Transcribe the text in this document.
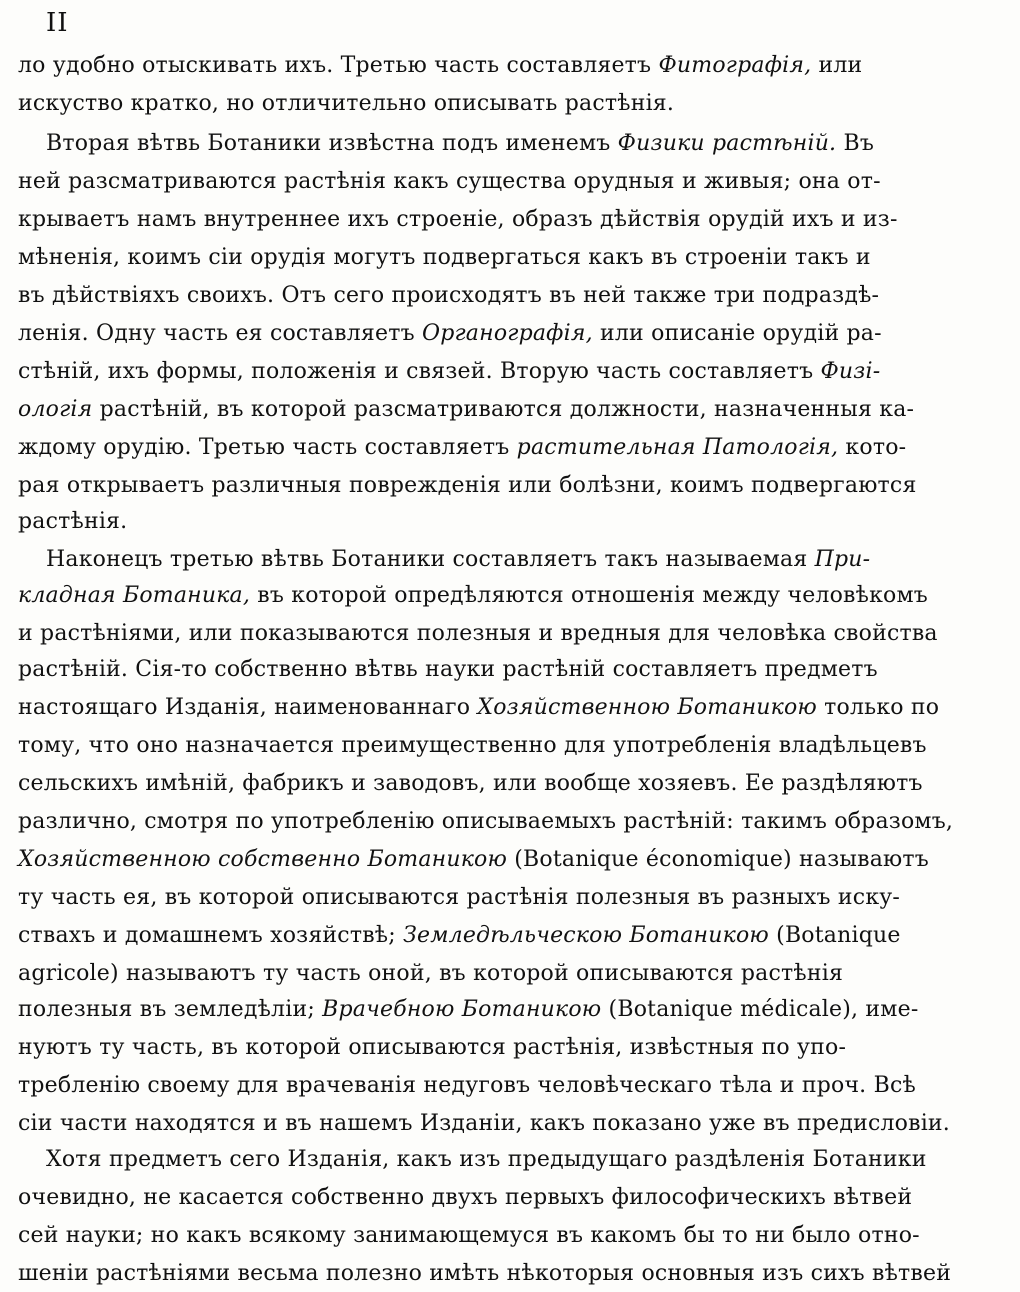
II
ло удобно отыскивать ихъ. Третью часть составляетъ Фитографія, или
искуство кратко, но отличительно описывать растѣнія.
Вторая вѣтвь Ботаники извѣстна подъ именемъ Физики растѣній. Въ
ней разсматриваются растѣнія какъ существа орудныя и живыя; она от-
крываетъ намъ внутреннее ихъ строеніе, образъ дѣйствія орудій ихъ и из-
мѣненія, коимъ сіи орудія могутъ подвергаться какъ въ строеніи такъ и
въ дѣйствіяхъ своихъ. Отъ сего происходятъ въ ней также три подраздѣ-
ленія. Одну часть ея составляетъ Органографія, или описаніе орудій ра-
стѣній, ихъ формы, положенія и связей. Вторую часть составляетъ Физі-
ологія растѣній, въ которой разсматриваются должности, назначенныя ка-
ждому орудію. Третью часть составляетъ растительная Патологія, кото-
рая открываетъ различныя поврежденія или болѣзни, коимъ подвергаются
растѣнія.
Наконецъ третью вѣтвь Ботаники составляетъ такъ называемая При-
кладная Ботаника, въ которой опредѣляются отношенія между человѣкомъ
и растѣніями, или показываются полезныя и вредныя для человѣка свойства
растѣній. Сія-то собственно вѣтвь науки растѣній составляетъ предметъ
настоящаго Изданія, наименованнаго Хозяйственною Ботаникою только по
тому, что оно назначается преимущественно для употребленія владѣльцевъ
сельскихъ имѣній, фабрикъ и заводовъ, или вообще хозяевъ. Ее раздѣляютъ
различно, смотря по употребленію описываемыхъ растѣній: такимъ образомъ,
Хозяйственною собственно Ботаникою (Botanique économique) называютъ
ту часть ея, въ которой описываются растѣнія полезныя въ разныхъ иску-
ствахъ и домашнемъ хозяйствѣ; Земледѣльческою Ботаникою (Botanique
agricole) называютъ ту часть оной, въ которой описываются растѣнія
полезныя въ земледѣліи; Врачебною Ботаникою (Botanique médicale), име-
нуютъ ту часть, въ которой описываются растѣнія, извѣстныя по упо-
требленію своему для врачеванія недуговъ человѣческаго тѣла и проч. Всѣ
сіи части находятся и въ нашемъ Изданіи, какъ показано уже въ предисловіи.
Хотя предметъ сего Изданія, какъ изъ предыдущаго раздѣленія Ботаники
очевидно, не касается собственно двухъ первыхъ философическихъ вѣтвей
сей науки; но какъ всякому занимающемуся въ какомъ бы то ни было отно-
шеніи растѣніями весьма полезно имѣть нѣкоторыя основныя изъ сихъ вѣтвей
